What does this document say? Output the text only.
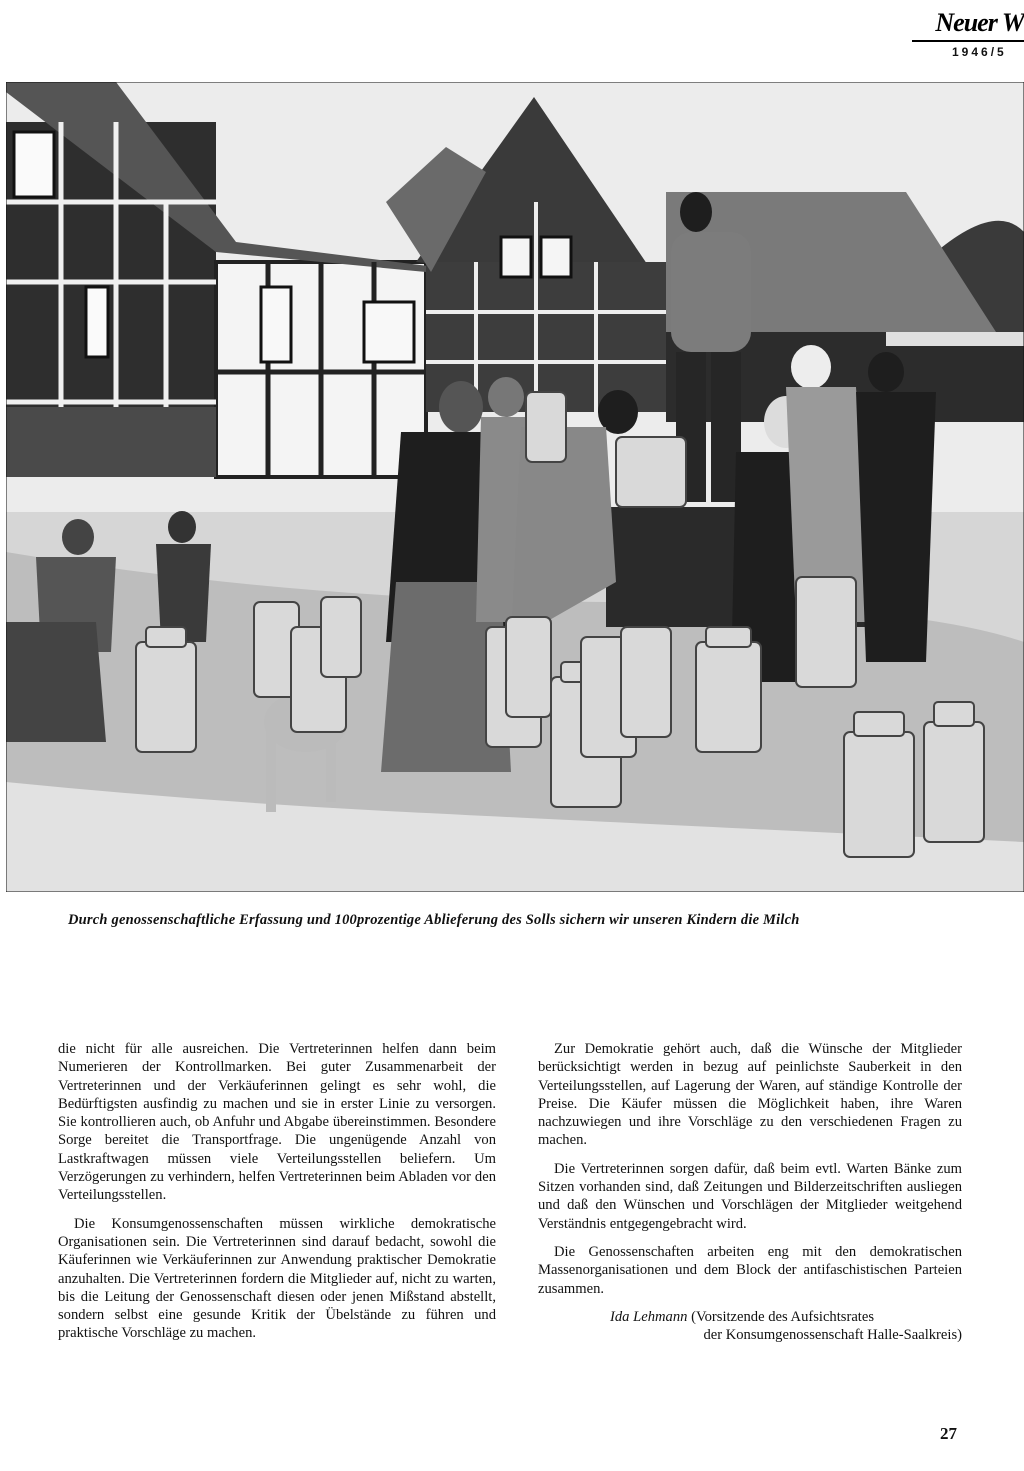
Neuer W
1946/5
Durch genossenschaftliche Erfassung und 100prozentige Ablieferung des Solls sichern wir unseren Kindern die Milch

die nicht für alle ausreichen. Die Vertreterinnen helfen dann beim Numerieren der Kontrollmarken. Bei guter Zusammenarbeit der Vertreterinnen und der Verkäuferinnen gelingt es sehr wohl, die Bedürftigsten ausfindig zu machen und sie in erster Linie zu versorgen. Sie kontrollieren auch, ob Anfuhr und Abgabe übereinstimmen. Besondere Sorge bereitet die Transportfrage. Die ungenügende Anzahl von Lastkraftwagen müssen viele Verteilungsstellen beliefern. Um Verzögerungen zu verhindern, helfen Vertreterinnen beim Abladen vor den Verteilungsstellen.

Die Konsumgenossenschaften müssen wirkliche demokratische Organisationen sein. Die Vertreterinnen sind darauf bedacht, sowohl die Käuferinnen wie Verkäuferinnen zur Anwendung praktischer Demokratie anzuhalten. Die Vertreterinnen fordern die Mitglieder auf, nicht zu warten, bis die Leitung der Genossenschaft diesen oder jenen Mißstand abstellt, sondern selbst eine gesunde Kritik der Übelstände zu führen und praktische Vorschläge zu machen.

Zur Demokratie gehört auch, daß die Wünsche der Mitglieder berücksichtigt werden in bezug auf peinlichste Sauberkeit in den Verteilungsstellen, auf Lagerung der Waren, auf ständige Kontrolle der Preise. Die Käufer müssen die Möglichkeit haben, ihre Waren nachzuwiegen und ihre Vorschläge zu den verschiedenen Fragen zu machen.

Die Vertreterinnen sorgen dafür, daß beim evtl. Warten Bänke zum Sitzen vorhanden sind, daß Zeitungen und Bilderzeitschriften ausliegen und daß den Wünschen und Vorschlägen der Mitglieder weitgehend Verständnis entgegengebracht wird.

Die Genossenschaften arbeiten eng mit den demokratischen Massenorganisationen und dem Block der antifaschistischen Parteien zusammen.

Ida Lehmann (Vorsitzende des Aufsichtsrates
der Konsumgenossenschaft Halle-Saalkreis)

27
